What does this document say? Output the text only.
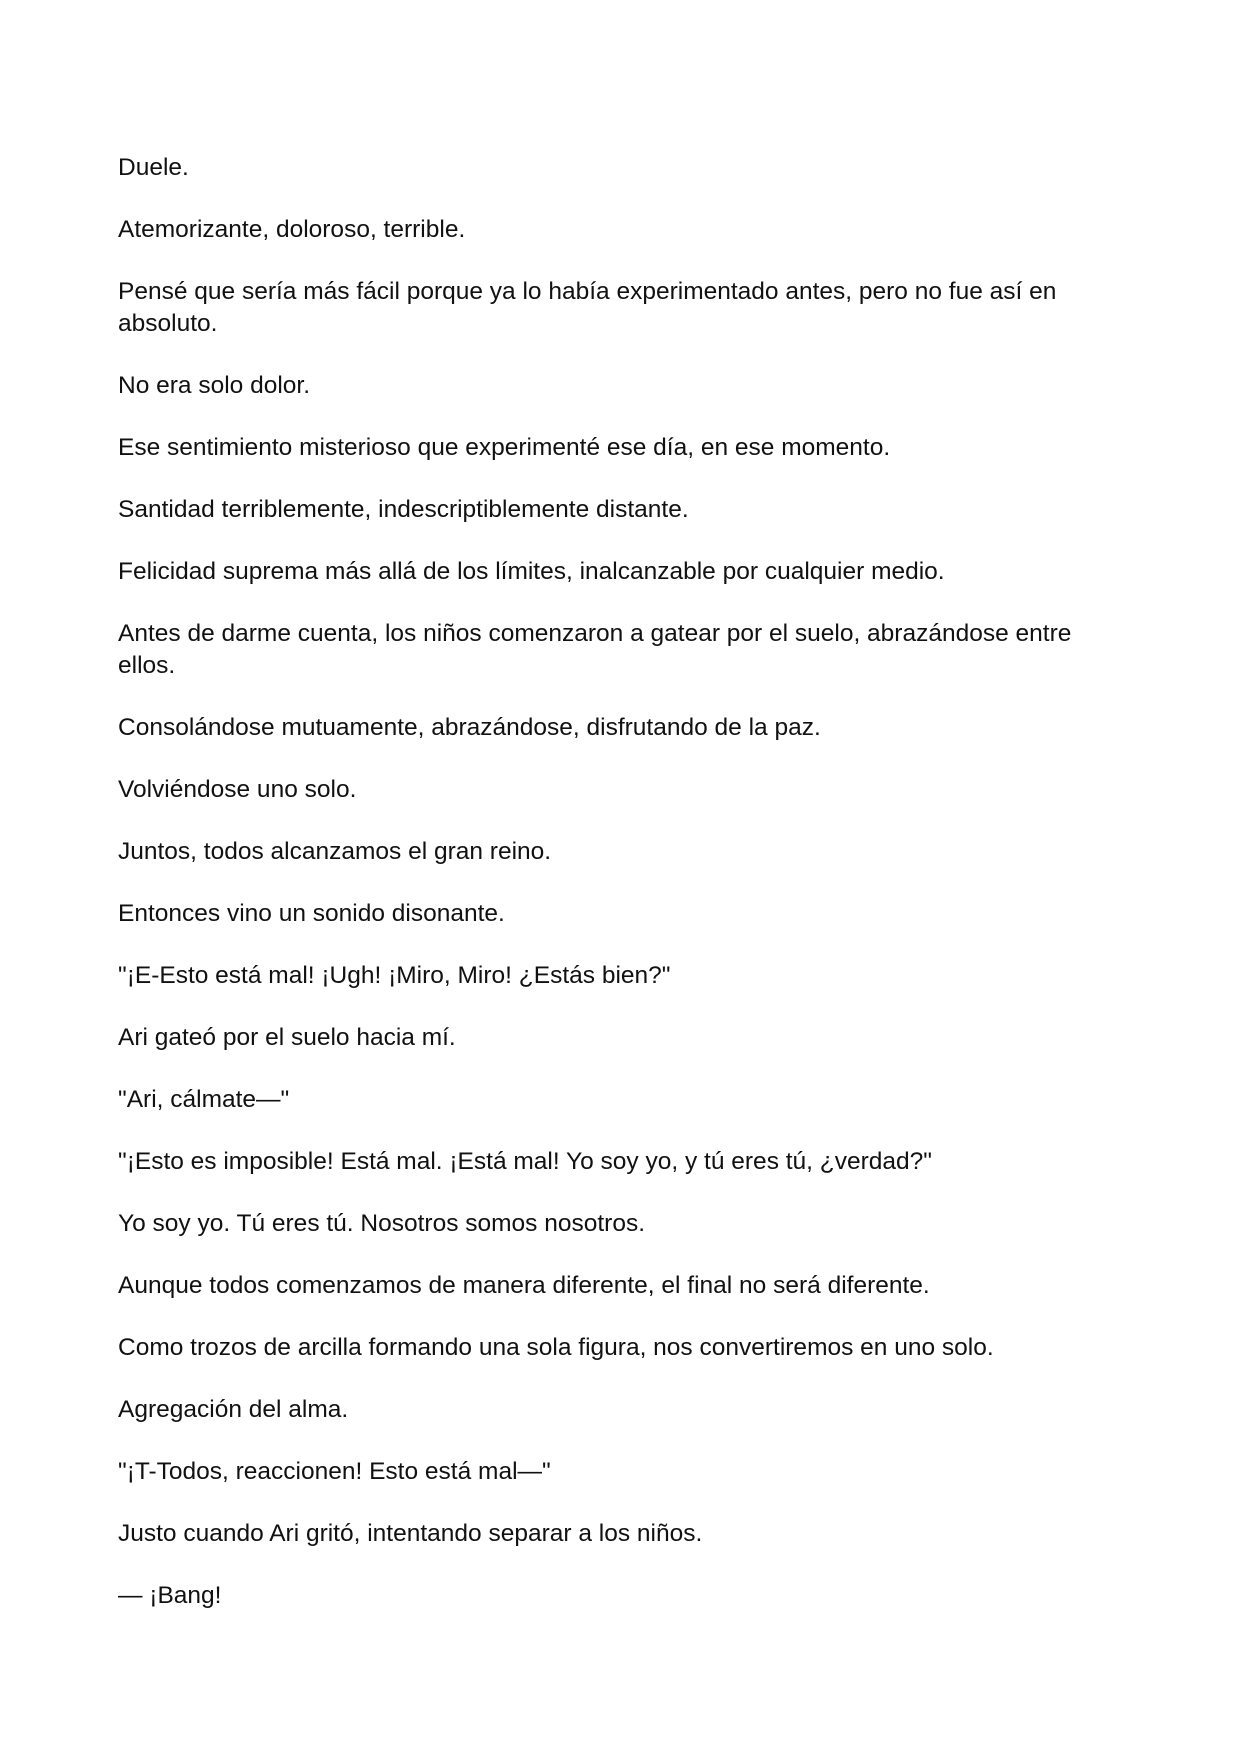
Duele.

Atemorizante, doloroso, terrible.

Pensé que sería más fácil porque ya lo había experimentado antes, pero no fue así en absoluto.

No era solo dolor.

Ese sentimiento misterioso que experimenté ese día, en ese momento.

Santidad terriblemente, indescriptiblemente distante.

Felicidad suprema más allá de los límites, inalcanzable por cualquier medio.

Antes de darme cuenta, los niños comenzaron a gatear por el suelo, abrazándose entre ellos.

Consolándose mutuamente, abrazándose, disfrutando de la paz.

Volviéndose uno solo.

Juntos, todos alcanzamos el gran reino.

Entonces vino un sonido disonante.

"¡E-Esto está mal! ¡Ugh! ¡Miro, Miro! ¿Estás bien?"

Ari gateó por el suelo hacia mí.

"Ari, cálmate—"

"¡Esto es imposible! Está mal. ¡Está mal! Yo soy yo, y tú eres tú, ¿verdad?"

Yo soy yo. Tú eres tú. Nosotros somos nosotros.

Aunque todos comenzamos de manera diferente, el final no será diferente.

Como trozos de arcilla formando una sola figura, nos convertiremos en uno solo.

Agregación del alma.

"¡T-Todos, reaccionen! Esto está mal—"

Justo cuando Ari gritó, intentando separar a los niños.

— ¡Bang!
